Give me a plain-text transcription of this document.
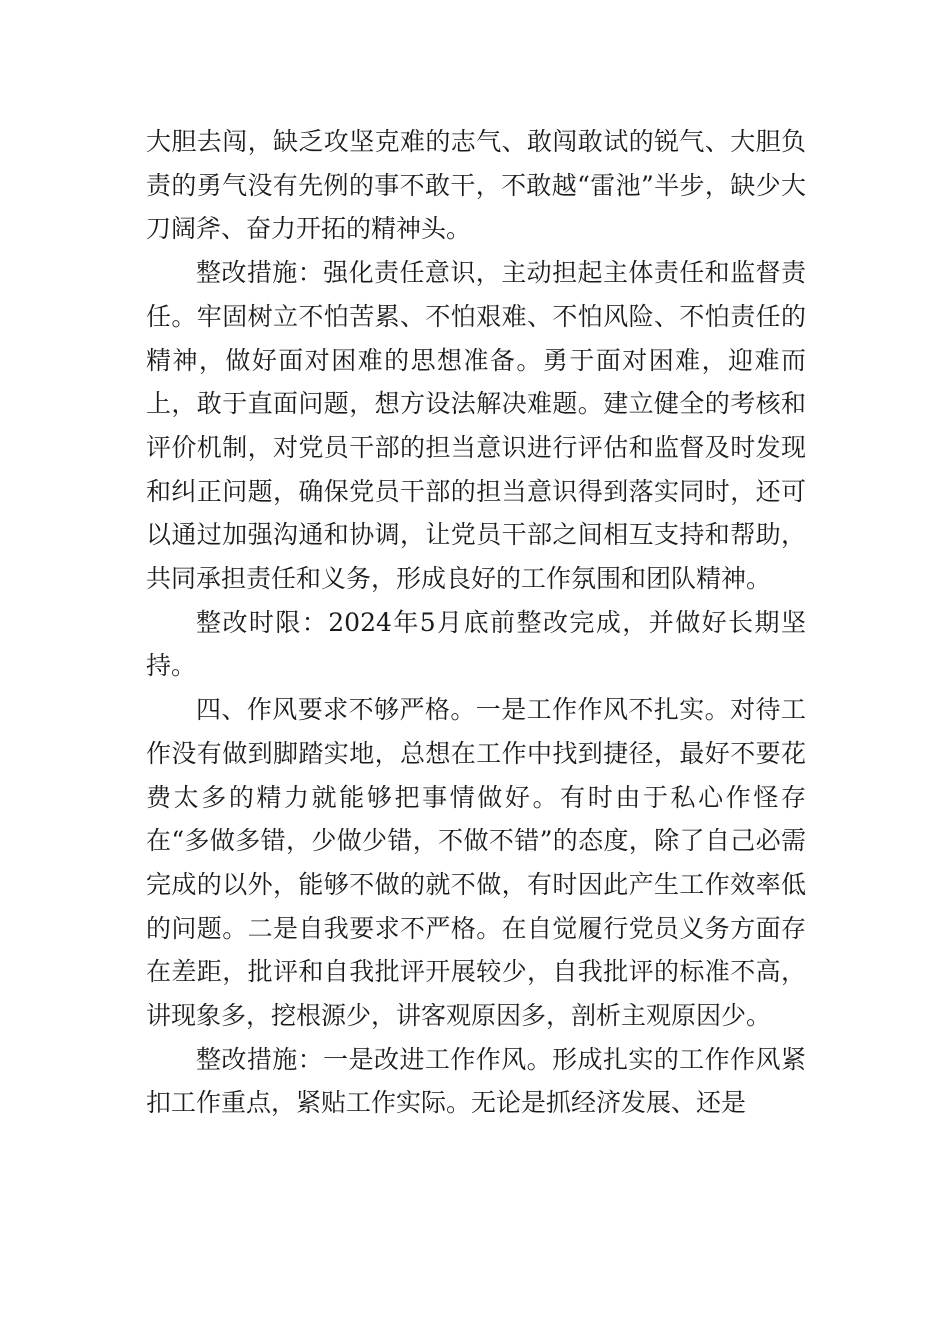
大胆去闯，缺乏攻坚克难的志气、敢闯敢试的锐气、大胆负责的勇气没有先例的事不敢干，不敢越“雷池”半步，缺少大刀阔斧、奋力开拓的精神头。

整改措施：强化责任意识，主动担起主体责任和监督责任。牢固树立不怕苦累、不怕艰难、不怕风险、不怕责任的精神，做好面对困难的思想准备。勇于面对困难，迎难而上，敢于直面问题，想方设法解决难题。建立健全的考核和评价机制，对党员干部的担当意识进行评估和监督及时发现和纠正问题，确保党员干部的担当意识得到落实同时，还可以通过加强沟通和协调，让党员干部之间相互支持和帮助，共同承担责任和义务，形成良好的工作氛围和团队精神。

整改时限：2024年5月底前整改完成，并做好长期坚持。

四、作风要求不够严格。一是工作作风不扎实。对待工作没有做到脚踏实地，总想在工作中找到捷径，最好不要花费太多的精力就能够把事情做好。有时由于私心作怪存在“多做多错，少做少错，不做不错”的态度，除了自己必需完成的以外，能够不做的就不做，有时因此产生工作效率低的问题。二是自我要求不严格。在自觉履行党员义务方面存在差距，批评和自我批评开展较少，自我批评的标准不高，讲现象多，挖根源少，讲客观原因多，剖析主观原因少。

整改措施：一是改进工作作风。形成扎实的工作作风紧扣工作重点，紧贴工作实际。无论是抓经济发展、还是
